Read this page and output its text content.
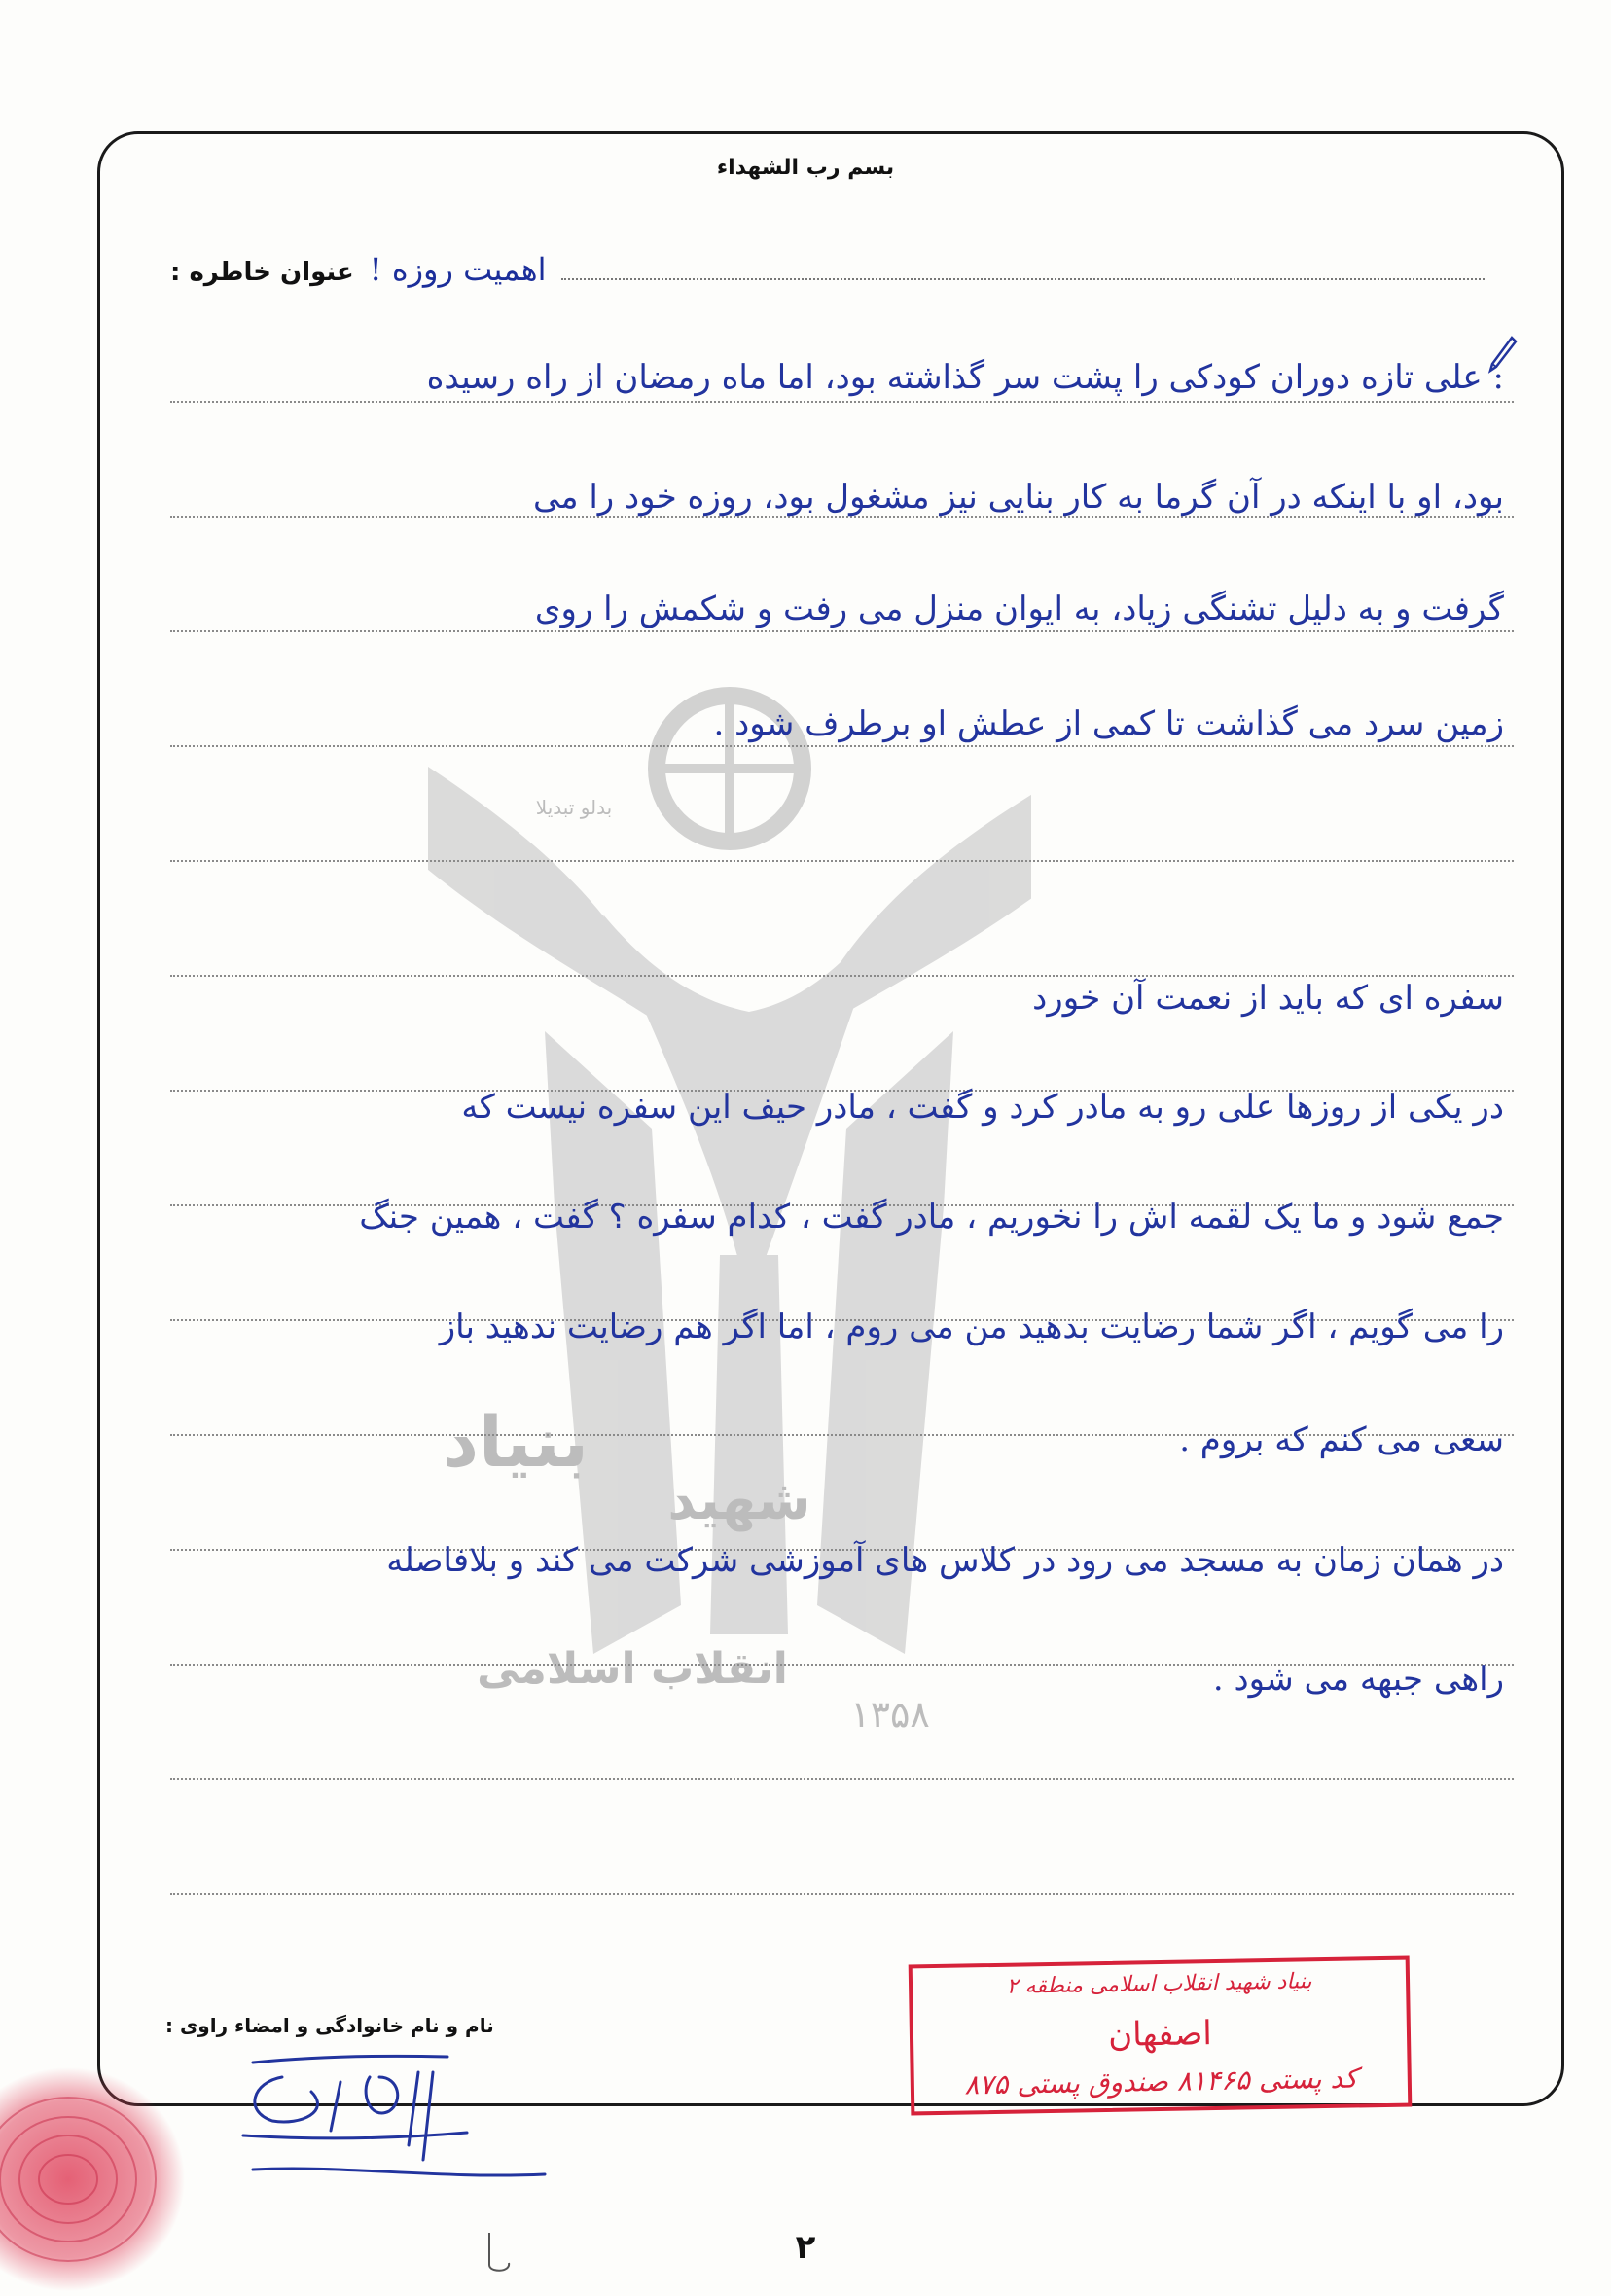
بسم رب الشهداء
عنوان خاطره : اهمیت روزه !
بدلو تبدیلا
بنیاد
شهید
انقلاب اسلامی
۱۳۵۸
: علی تازه دوران کودکی را پشت سر گذاشته بود، اما ماه رمضان از راه رسیده
بود، او با اینکه در آن گرما به کار بنایی نیز مشغول بود، روزه خود را می
گرفت و به دلیل تشنگی زیاد، به ایوان منزل می رفت و شکمش را روی
زمین سرد می گذاشت تا کمی از عطش او برطرف شود .
سفره ای که باید از نعمت آن خورد
در یکی از روزها علی رو به مادر کرد و گفت ، مادر حیف این سفره نیست که
جمع شود و ما یک لقمه اش را نخوریم ، مادر گفت ، کدام سفره ؟ گفت ، همین جنگ
را می گویم ، اگر شما رضایت بدهید من می روم ، اما اگر هم رضایت ندهید باز
سعی می کنم که بروم .
در همان زمان به مسجد می رود در کلاس های آموزشی شرکت می کند و بلافاصله
راهی جبهه می شود .
نام و نام خانوادگی و امضاء راوی :
بنیاد شهید انقلاب اسلامی منطقه ۲
اصفهان
کد پستی ۸۱۴۶۵ صندوق پستی ۸۷۵
۲
